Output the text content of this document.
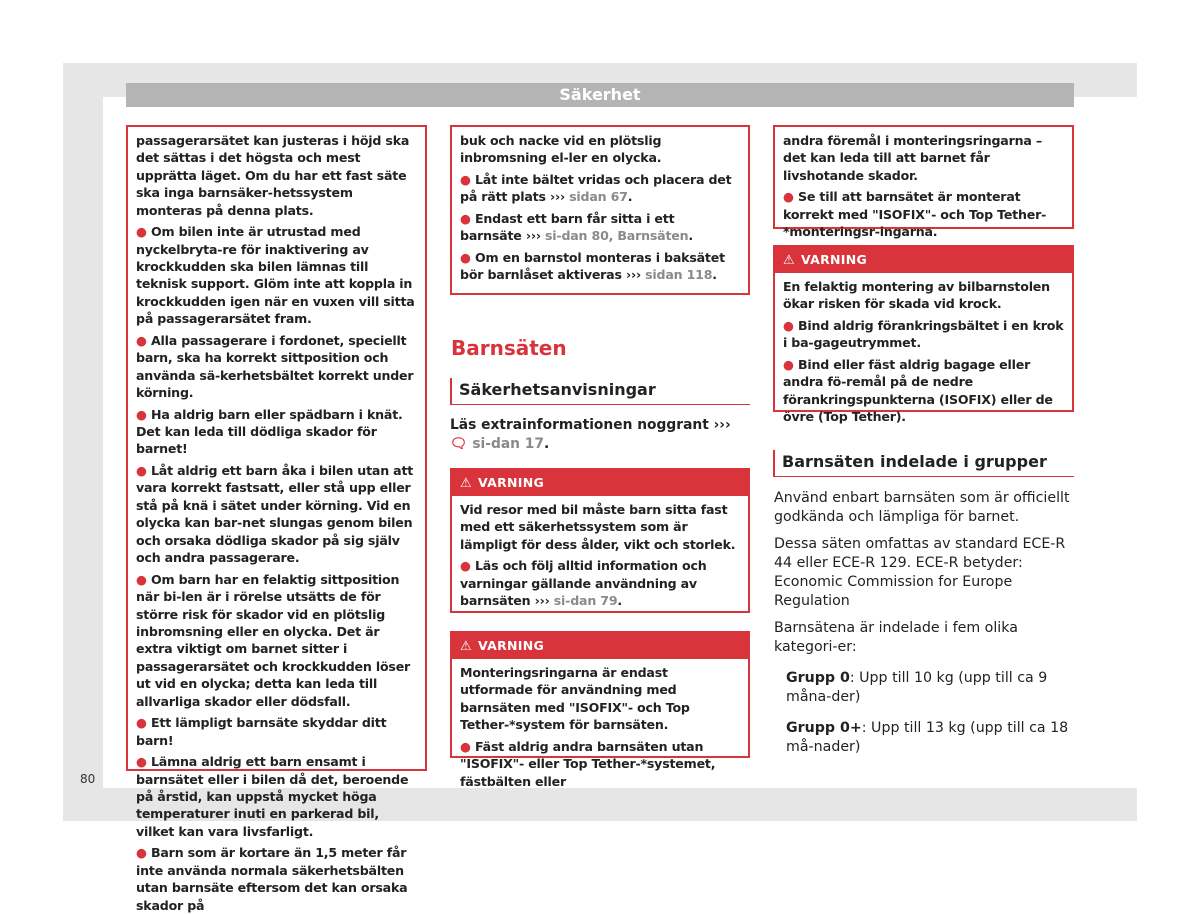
Säkerhet
80

passagerarsätet kan justeras i höjd ska det sättas i det högsta och mest upprätta läget. Om du har ett fast säte ska inga barnsäker-hetssystem monteras på denna plats.

● Om bilen inte är utrustad med nyckelbryta-re för inaktivering av krockkudden ska bilen lämnas till teknisk support. Glöm inte att koppla in krockkudden igen när en vuxen vill sitta på passagerarsätet fram.

● Alla passagerare i fordonet, speciellt barn, ska ha korrekt sittposition och använda sä-kerhetsbältet korrekt under körning.

● Ha aldrig barn eller spädbarn i knät. Det kan leda till dödliga skador för barnet!

● Låt aldrig ett barn åka i bilen utan att vara korrekt fastsatt, eller stå upp eller stå på knä i sätet under körning. Vid en olycka kan bar-net slungas genom bilen och orsaka dödliga skador på sig själv och andra passagerare.

● Om barn har en felaktig sittposition när bi-len är i rörelse utsätts de för större risk för skador vid en plötslig inbromsning eller en olycka. Det är extra viktigt om barnet sitter i passagerarsätet och krockkudden löser ut vid en olycka; detta kan leda till allvarliga skador eller dödsfall.

● Ett lämpligt barnsäte skyddar ditt barn!

● Lämna aldrig ett barn ensamt i barnsätet eller i bilen då det, beroende på årstid, kan uppstå mycket höga temperaturer inuti en parkerad bil, vilket kan vara livsfarligt.

● Barn som är kortare än 1,5 meter får inte använda normala säkerhetsbälten utan barnsäte eftersom det kan orsaka skador på

buk och nacke vid en plötslig inbromsning el-ler en olycka.

● Låt inte bältet vridas och placera det på rätt plats ››› sidan 67.

● Endast ett barn får sitta i ett barnsäte ››› si-dan 80, Barnsäten.

● Om en barnstol monteras i baksätet bör barnlåset aktiveras ››› sidan 118.

Barnsäten
Säkerhetsanvisningar
Läs extrainformationen noggrant ››› 🗨 si-dan 17.
⚠ VARNING

Vid resor med bil måste barn sitta fast med ett säkerhetssystem som är lämpligt för dess ålder, vikt och storlek.

● Läs och följ alltid information och varningar gällande användning av barnsäten ››› si-dan 79.

⚠ VARNING

Monteringsringarna är endast utformade för användning med barnsäten med "ISOFIX"- och Top Tether-*system för barnsäten.

● Fäst aldrig andra barnsäten utan "ISOFIX"- eller Top Tether-*systemet, fästbälten eller

andra föremål i monteringsringarna – det kan leda till att barnet får livshotande skador.

● Se till att barnsätet är monterat korrekt med "ISOFIX"- och Top Tether-*monteringsr-ingarna.

⚠ VARNING

En felaktig montering av bilbarnstolen ökar risken för skada vid krock.

● Bind aldrig förankringsbältet i en krok i ba-gageutrymmet.

● Bind eller fäst aldrig bagage eller andra fö-remål på de nedre förankringspunkterna (ISOFIX) eller de övre (Top Tether).

Barnsäten indelade i grupper

Använd enbart barnsäten som är officiellt godkända och lämpliga för barnet.

Dessa säten omfattas av standard ECE-R 44 eller ECE-R 129. ECE-R betyder: Economic Commission for Europe Regulation

Barnsätena är indelade i fem olika kategori-er:

Grupp 0: Upp till 10 kg (upp till ca 9 måna-der)

Grupp 0+: Upp till 13 kg (upp till ca 18 må-nader)
